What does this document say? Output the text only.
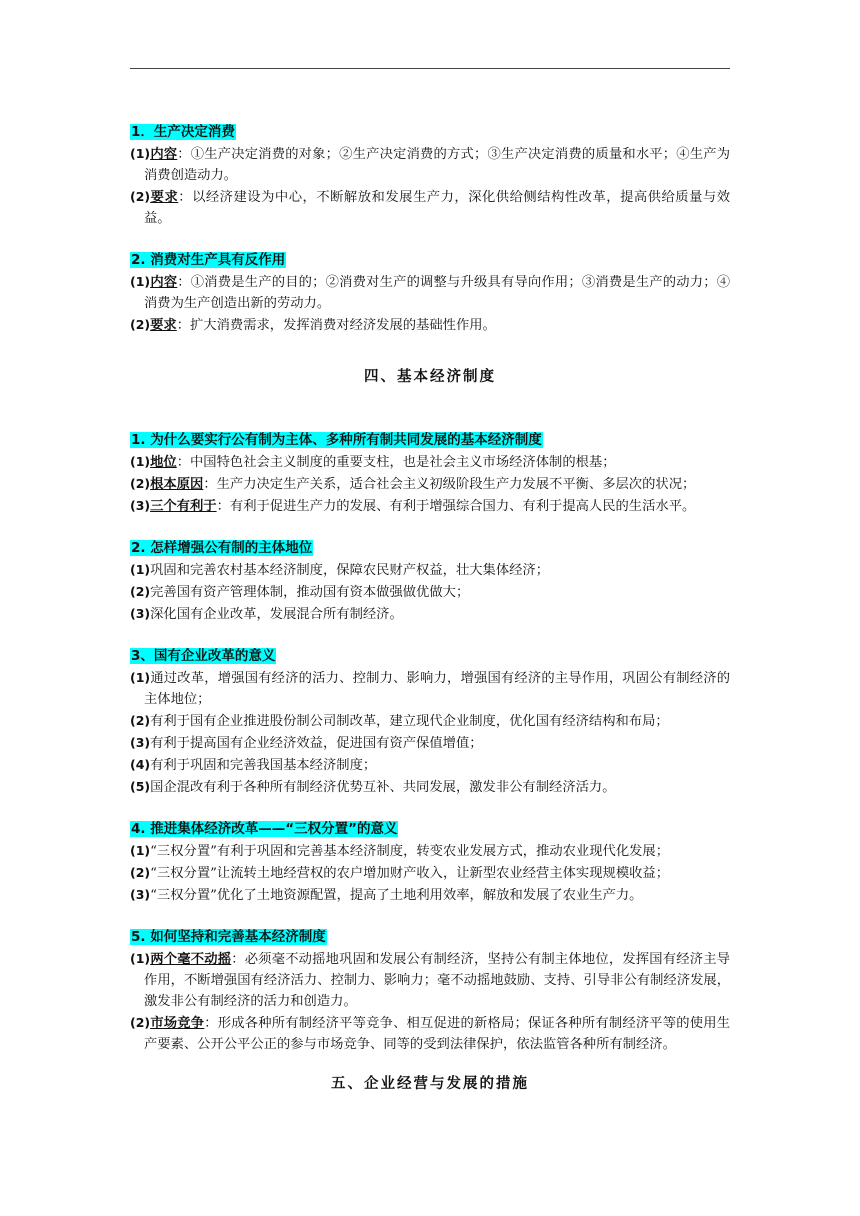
1．生产决定消费

(1)内容：①生产决定消费的对象；②生产决定消费的方式；③生产决定消费的质量和水平；④生产为消费创造动力。

(2)要求：以经济建设为中心，不断解放和发展生产力，深化供给侧结构性改革，提高供给质量与效益。

2. 消费对生产具有反作用

(1)内容：①消费是生产的目的；②消费对生产的调整与升级具有导向作用；③消费是生产的动力；④消费为生产创造出新的劳动力。

(2)要求：扩大消费需求，发挥消费对经济发展的基础性作用。

四、基本经济制度

1. 为什么要实行公有制为主体、多种所有制共同发展的基本经济制度

(1)地位：中国特色社会主义制度的重要支柱，也是社会主义市场经济体制的根基；

(2)根本原因：生产力决定生产关系，适合社会主义初级阶段生产力发展不平衡、多层次的状况；

(3)三个有利于：有利于促进生产力的发展、有利于增强综合国力、有利于提高人民的生活水平。

2. 怎样增强公有制的主体地位

(1)巩固和完善农村基本经济制度，保障农民财产权益，壮大集体经济；

(2)完善国有资产管理体制，推动国有资本做强做优做大；

(3)深化国有企业改革，发展混合所有制经济。

3、国有企业改革的意义

(1)通过改革，增强国有经济的活力、控制力、影响力，增强国有经济的主导作用，巩固公有制经济的主体地位；

(2)有利于国有企业推进股份制公司制改革，建立现代企业制度，优化国有经济结构和布局；

(3)有利于提高国有企业经济效益，促进国有资产保值增值；

(4)有利于巩固和完善我国基本经济制度；

(5)国企混改有利于各种所有制经济优势互补、共同发展，激发非公有制经济活力。

4. 推进集体经济改革——“三权分置”的意义

(1)“三权分置”有利于巩固和完善基本经济制度，转变农业发展方式，推动农业现代化发展；

(2)“三权分置”让流转土地经营权的农户增加财产收入，让新型农业经营主体实现规模收益；

(3)“三权分置”优化了土地资源配置，提高了土地利用效率，解放和发展了农业生产力。

5. 如何坚持和完善基本经济制度

(1)两个毫不动摇：必须毫不动摇地巩固和发展公有制经济，坚持公有制主体地位，发挥国有经济主导作用，不断增强国有经济活力、控制力、影响力；毫不动摇地鼓励、支持、引导非公有制经济发展，激发非公有制经济的活力和创造力。

(2)市场竞争：形成各种所有制经济平等竞争、相互促进的新格局；保证各种所有制经济平等的使用生产要素、公开公平公正的参与市场竞争、同等的受到法律保护，依法监管各种所有制经济。

五、企业经营与发展的措施
